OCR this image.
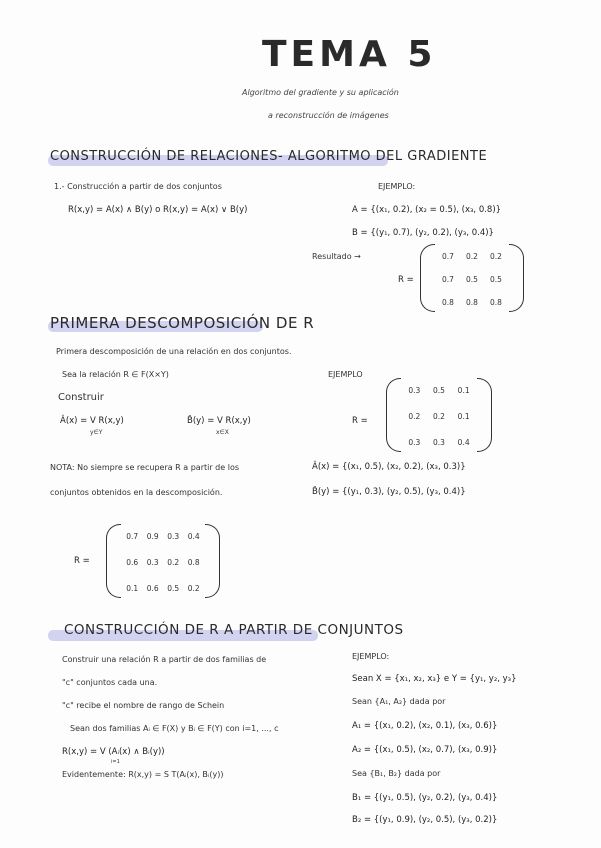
TEMA 5
Algoritmo del gradiente y su aplicación
a reconstrucción de imágenes
CONSTRUCCIÓN DE RELACIONES- ALGORITMO DEL GRADIENTE
1.- Construcción a partir de dos conjuntos
R(x,y) = A(x) ∧ B(y) o R(x,y) = A(x) ∨ B(y)
EJEMPLO:
A = {(x₁, 0.2), (x₂ = 0.5), (x₃, 0.8)}
B = {(y₁, 0.7), (y₂, 0.2), (y₃, 0.4)}
Resultado →
R =
0.7 0.2 0.2
0.7 0.5 0.5
0.8 0.8 0.8
PRIMERA DESCOMPOSICIÓN DE R
Primera descomposición de una relación en dos conjuntos.
Sea la relación R ∈ F(X×Y)
Construir
Â(x) = V R(x,y)
y∈Y
B̂(y) = V R(x,y)
x∈X
NOTA: No siempre se recupera R a partir de los
conjuntos obtenidos en la descomposición.
EJEMPLO
R =
0.3 0.5 0.1
0.2 0.2 0.1
0.3 0.3 0.4
Â(x) = {(x₁, 0.5), (x₂, 0.2), (x₃, 0.3)}
B̂(y) = {(y₁, 0.3), (y₂, 0.5), (y₃, 0.4)}
R =
0.7 0.9 0.3 0.4
0.6 0.3 0.2 0.8
0.1 0.6 0.5 0.2
CONSTRUCCIÓN DE R A PARTIR DE CONJUNTOS
Construir una relación R a partir de dos familias de
"c" conjuntos cada una.
"c" recibe el nombre de rango de Schein
Sean dos familias Aᵢ ∈ F(X) y Bᵢ ∈ F(Y) con i=1, ..., c
R(x,y) = V (Aᵢ(x) ∧ Bᵢ(y))
i=1
Evidentemente: R(x,y) = S T(Aᵢ(x), Bᵢ(y))
EJEMPLO:
Sean X = {x₁, x₂, x₃} e Y = {y₁, y₂, y₃}
Sean {A₁, A₂} dada por
A₁ = {(x₁, 0.2), (x₂, 0.1), (x₃, 0.6)}
A₂ = {(x₁, 0.5), (x₂, 0.7), (x₃, 0.9)}
Sea {B₁, B₂} dada por
B₁ = {(y₁, 0.5), (y₂, 0.2), (y₃, 0.4)}
B₂ = {(y₁, 0.9), (y₂, 0.5), (y₃, 0.2)}
